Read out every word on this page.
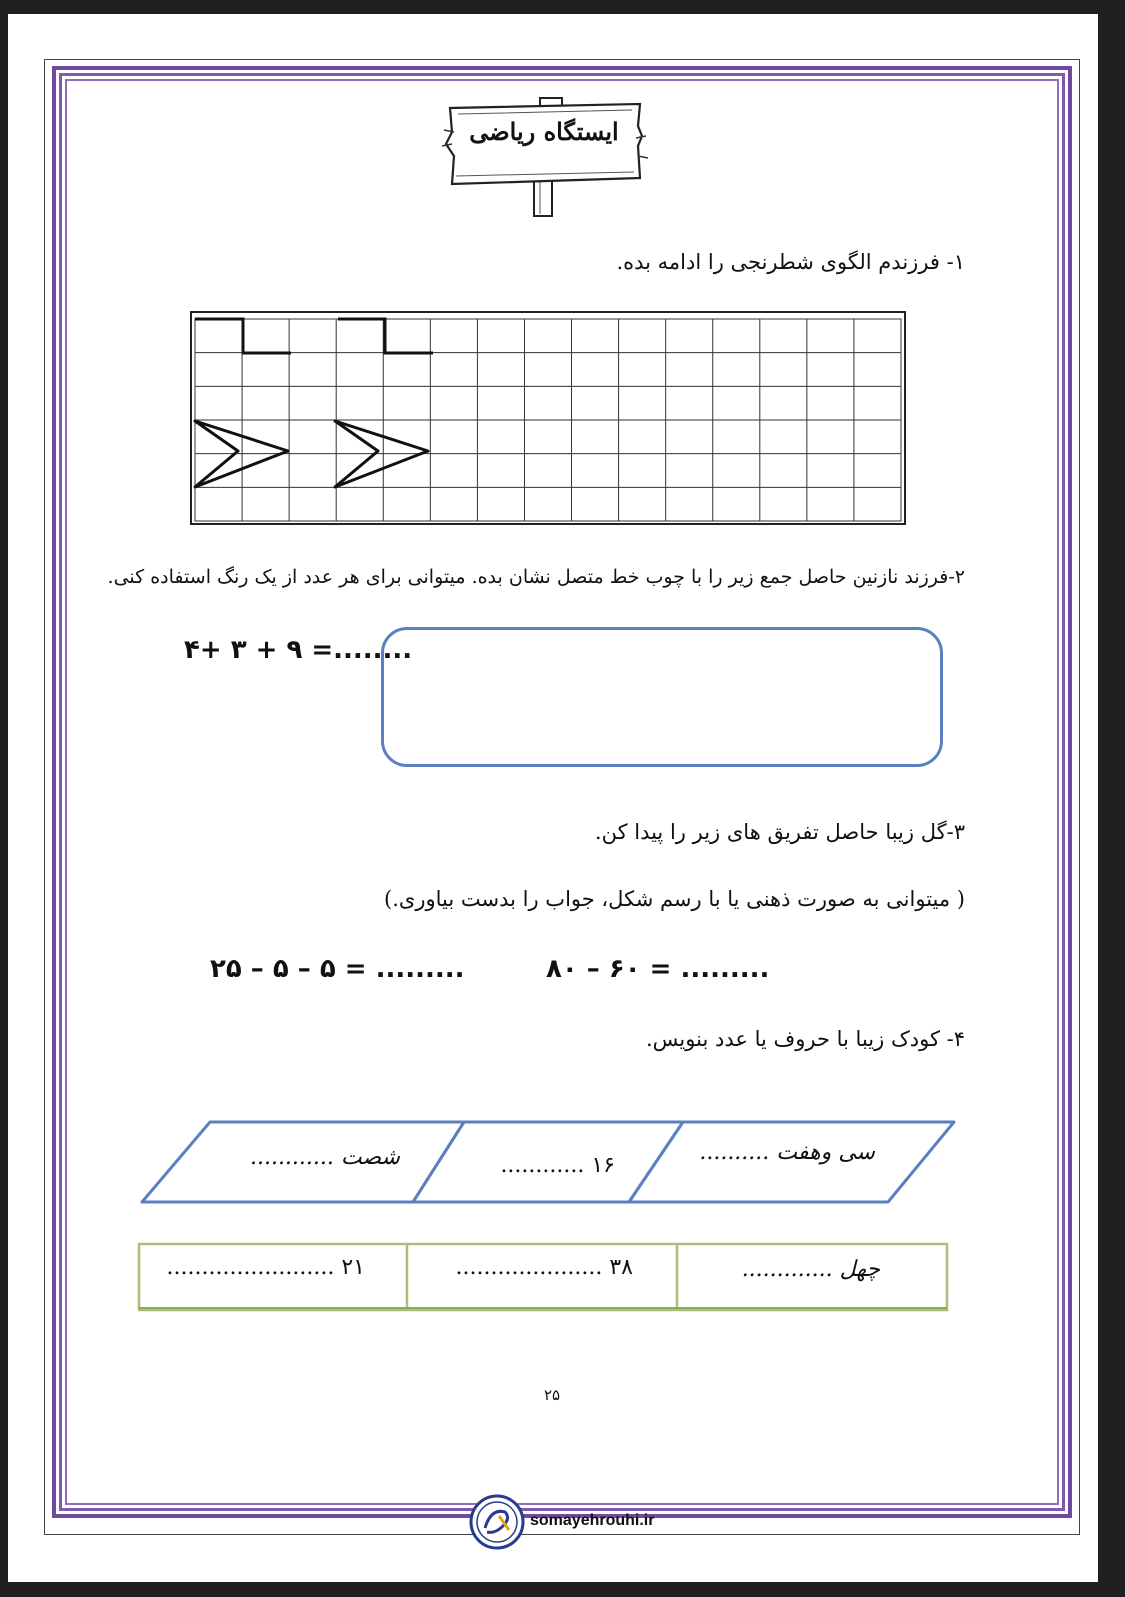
ایستگاه ریاضی
۱- فرزندم الگوی شطرنجی را ادامه بده.
۲-فرزند نازنین حاصل جمع زیر را با چوب خط متصل نشان بده. میتوانی برای هر عدد از یک رنگ استفاده کنی.
۴+ ۳ + ۹ =........
۳-گل زیبا حاصل تفریق های زیر را پیدا کن.
( میتوانی به صورت ذهنی یا با رسم شکل، جواب را بدست بیاوری.)
۸۰ – ۶۰ = .........
۲۵ – ۵ – ۵ = .........
۴- کودک زیبا با حروف یا عدد بنویس.
سی وهفت ..........
۱۶ ............
شصت ............
چهل .............
۳۸ .....................
۲۱ ........................
۲۵
somayehrouhi.ir
